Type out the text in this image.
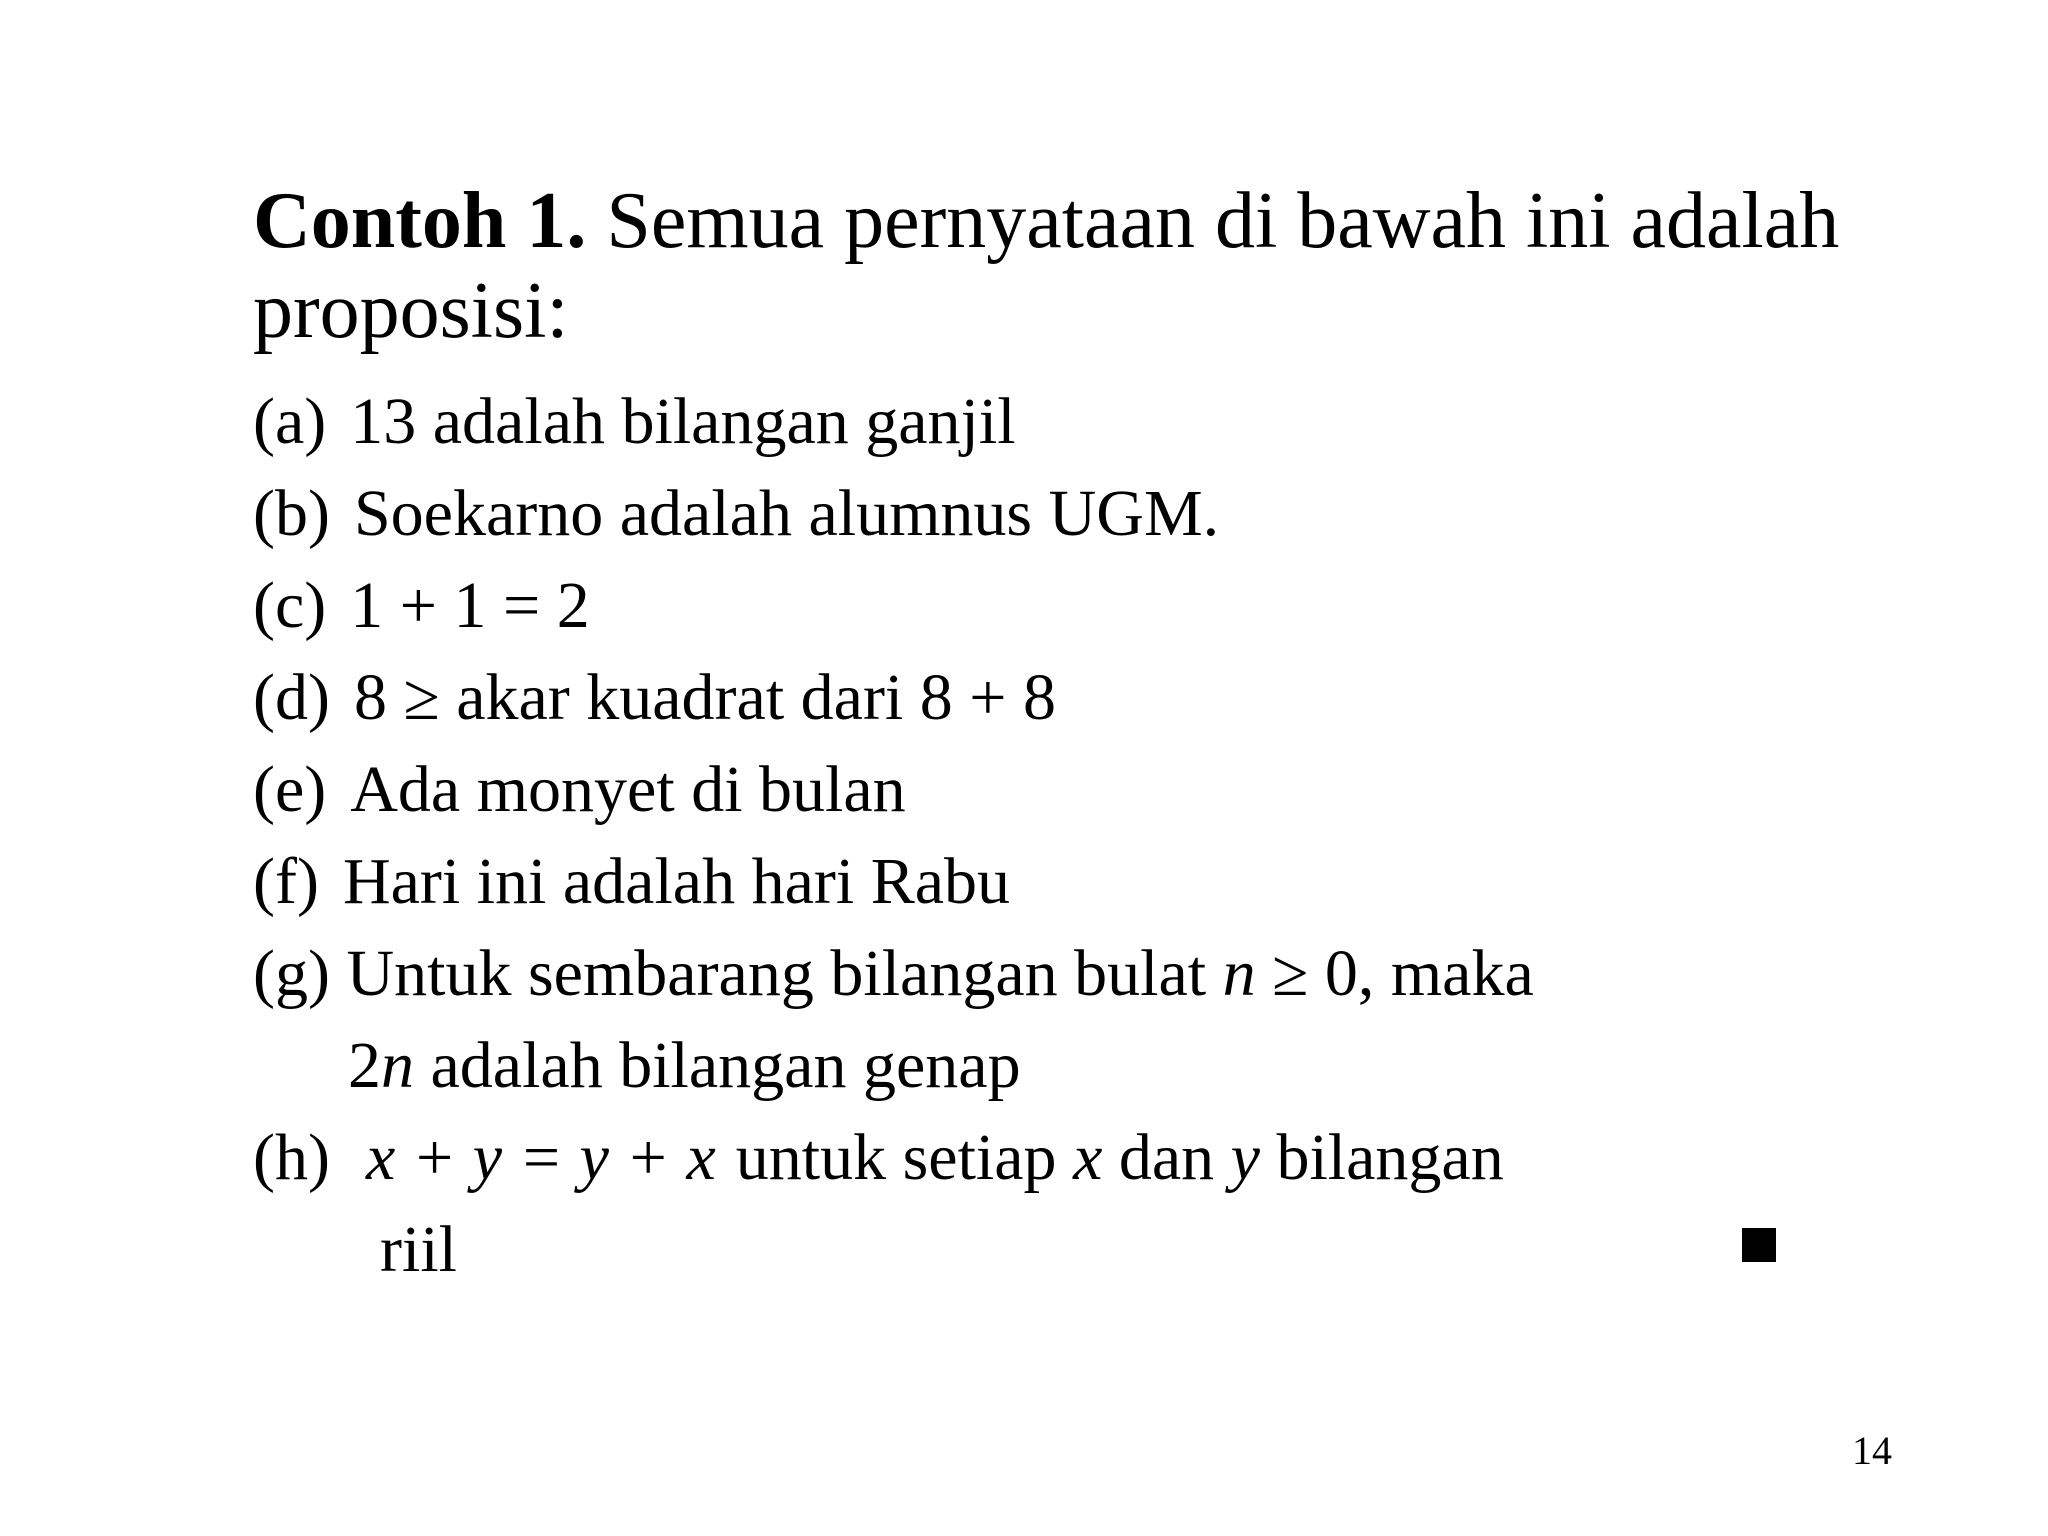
Contoh 1. Semua pernyataan di bawah ini adalah
proposisi:
(a) 13 adalah bilangan ganjil
(b) Soekarno adalah alumnus UGM.
(c) 1 + 1 = 2
(d) 8 ≥ akar kuadrat dari 8 + 8
(e) Ada monyet di bulan
(f) Hari ini adalah hari Rabu
(g) Untuk sembarang bilangan bulat n ≥ 0, maka
2n adalah bilangan genap
(h) x + y = y + x untuk setiap x dan y bilangan
riil
14
